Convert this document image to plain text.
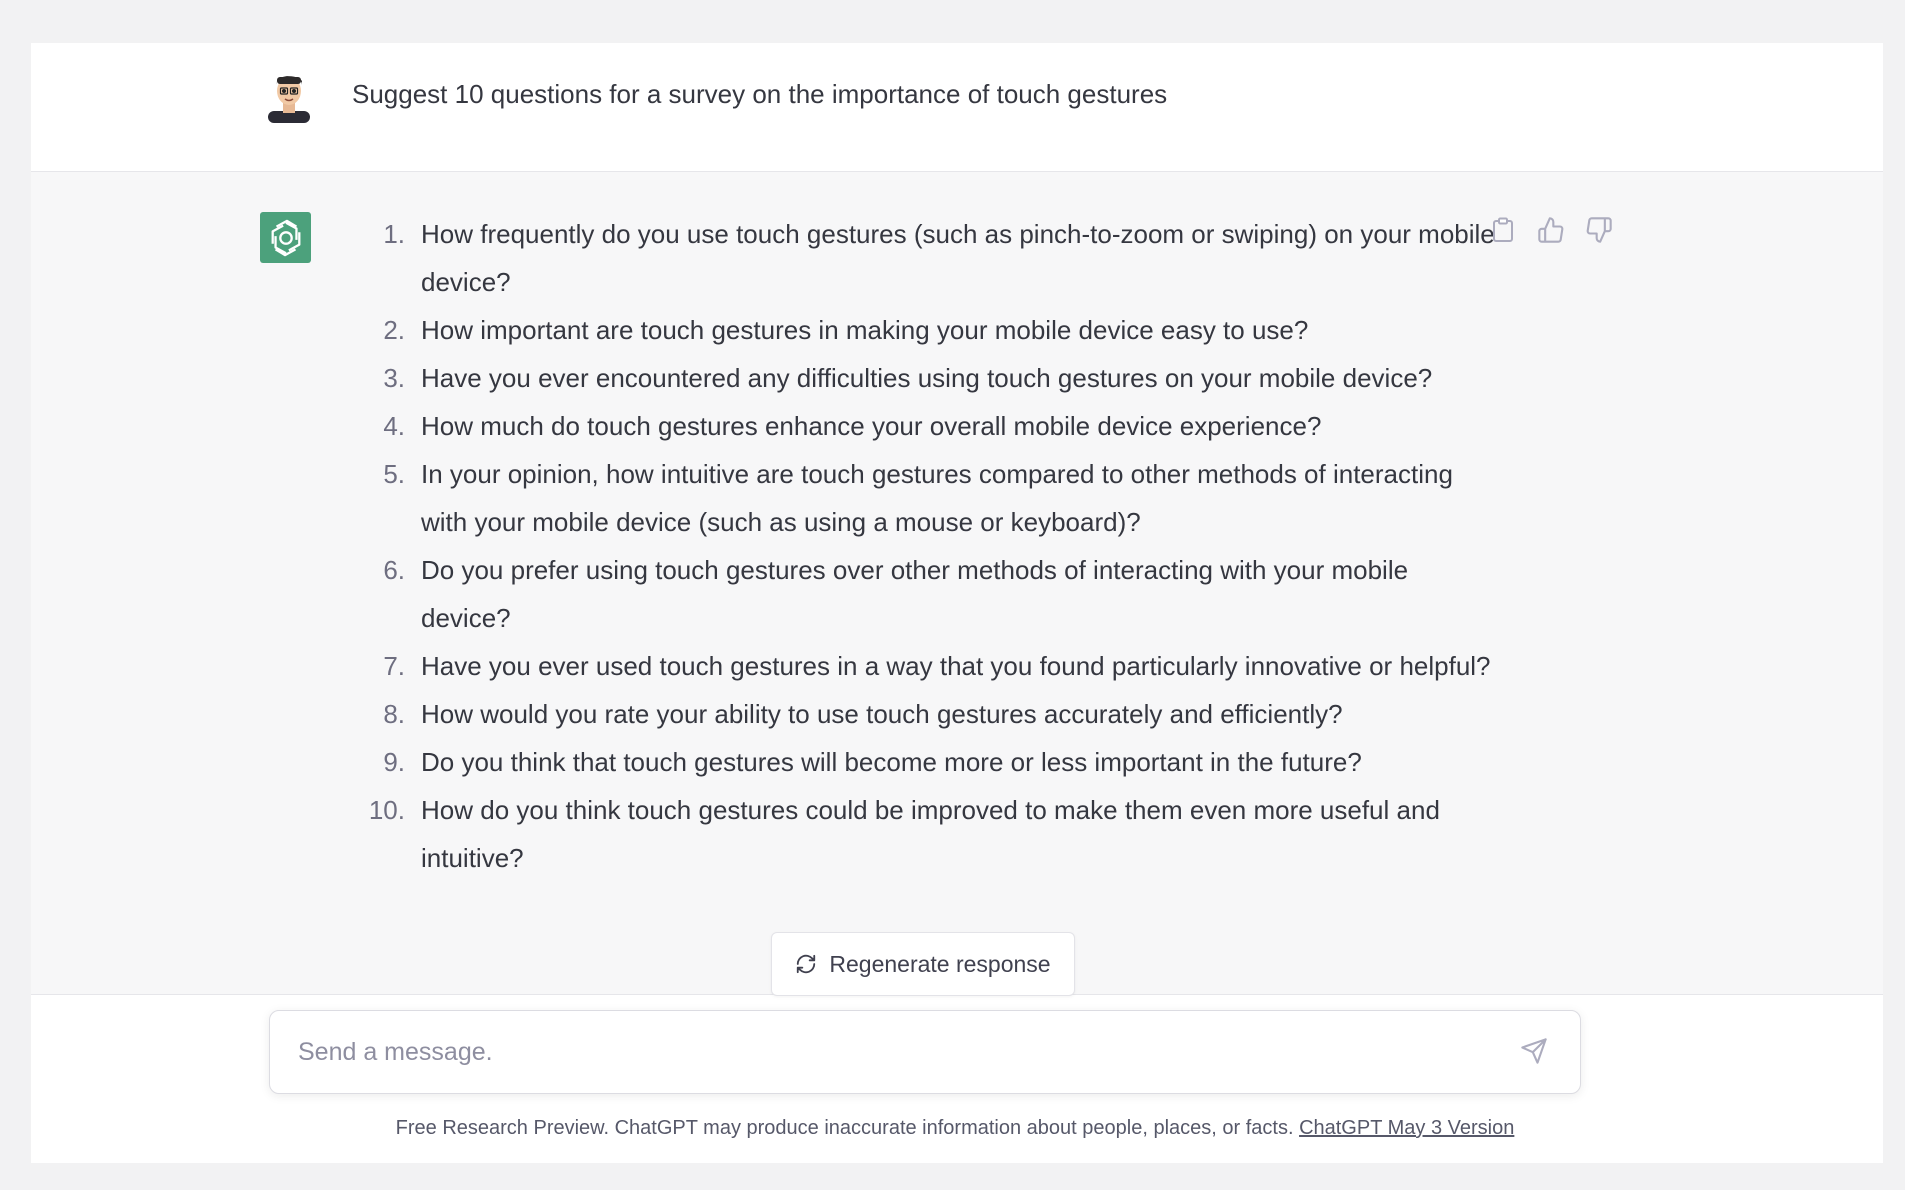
Suggest 10 questions for a survey on the importance of touch gestures
1. How frequently do you use touch gestures (such as pinch-to-zoom or swiping) on your mobile device?
2. How important are touch gestures in making your mobile device easy to use?
3. Have you ever encountered any difficulties using touch gestures on your mobile device?
4. How much do touch gestures enhance your overall mobile device experience?
5. In your opinion, how intuitive are touch gestures compared to other methods of interacting with your mobile device (such as using a mouse or keyboard)?
6. Do you prefer using touch gestures over other methods of interacting with your mobile device?
7. Have you ever used touch gestures in a way that you found particularly innovative or helpful?
8. How would you rate your ability to use touch gestures accurately and efficiently?
9. Do you think that touch gestures will become more or less important in the future?
10. How do you think touch gestures could be improved to make them even more useful and intuitive?
Regenerate response
Send a message.
Free Research Preview. ChatGPT may produce inaccurate information about people, places, or facts. ChatGPT May 3 Version
